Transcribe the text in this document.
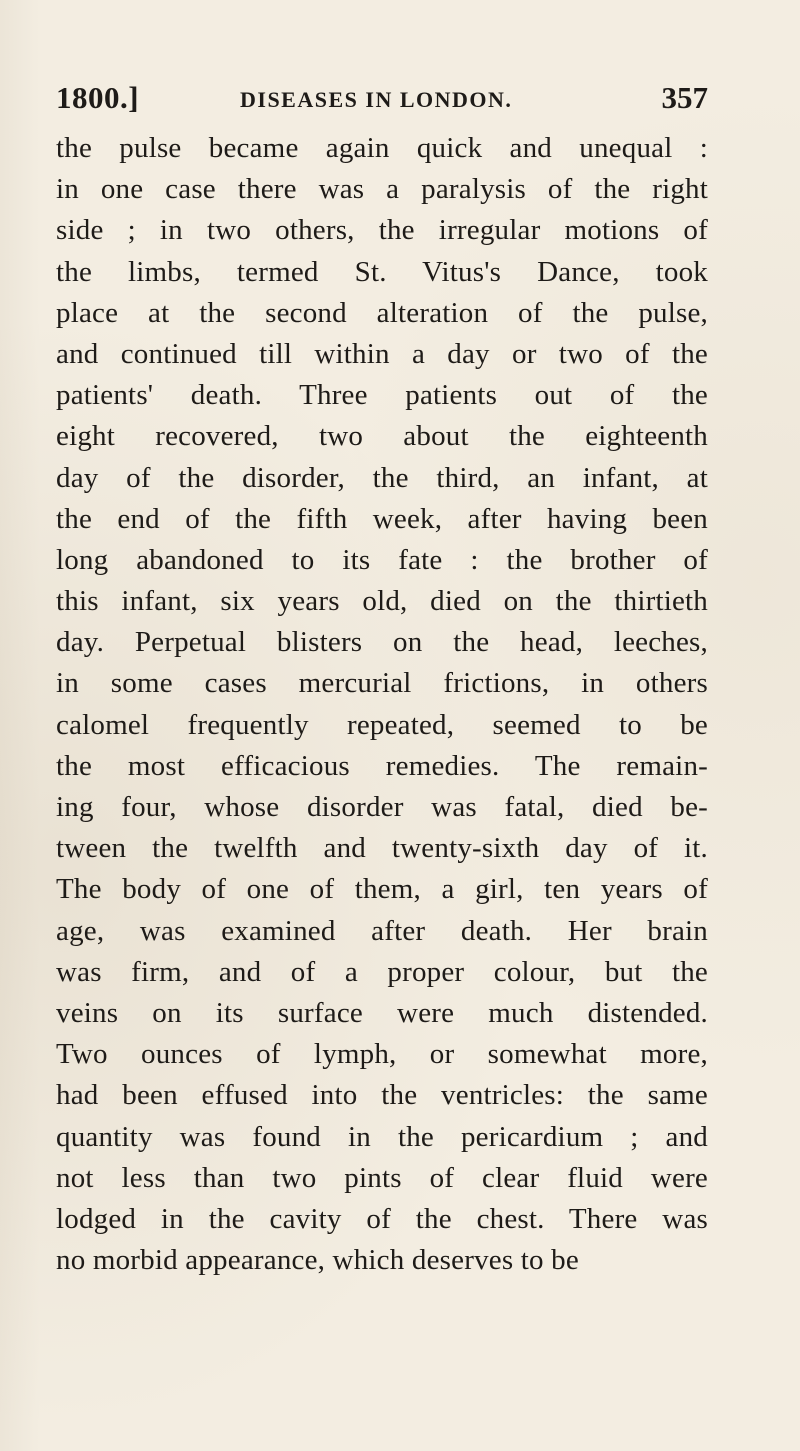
1800.]	DISEASES IN LONDON.	357
the pulse became again quick and unequal :
in one case there was a paralysis of the right
side ; in two others, the irregular motions of
the limbs, termed St. Vitus's Dance, took
place at the second alteration of the pulse,
and continued till within a day or two of the
patients' death. Three patients out of the
eight recovered, two about the eighteenth
day of the disorder, the third, an infant, at
the end of the fifth week, after having been
long abandoned to its fate : the brother of
this infant, six years old, died on the thirtieth
day. Perpetual blisters on the head, leeches,
in some cases mercurial frictions, in others
calomel frequently repeated, seemed to be
the most efficacious remedies. The remain-
ing four, whose disorder was fatal, died be-
tween the twelfth and twenty-sixth day of it.
The body of one of them, a girl, ten years of
age, was examined after death. Her brain
was firm, and of a proper colour, but the
veins on its surface were much distended.
Two ounces of lymph, or somewhat more,
had been effused into the ventricles: the same
quantity was found in the pericardium ; and
not less than two pints of clear fluid were
lodged in the cavity of the chest. There was
no morbid appearance, which deserves to be
